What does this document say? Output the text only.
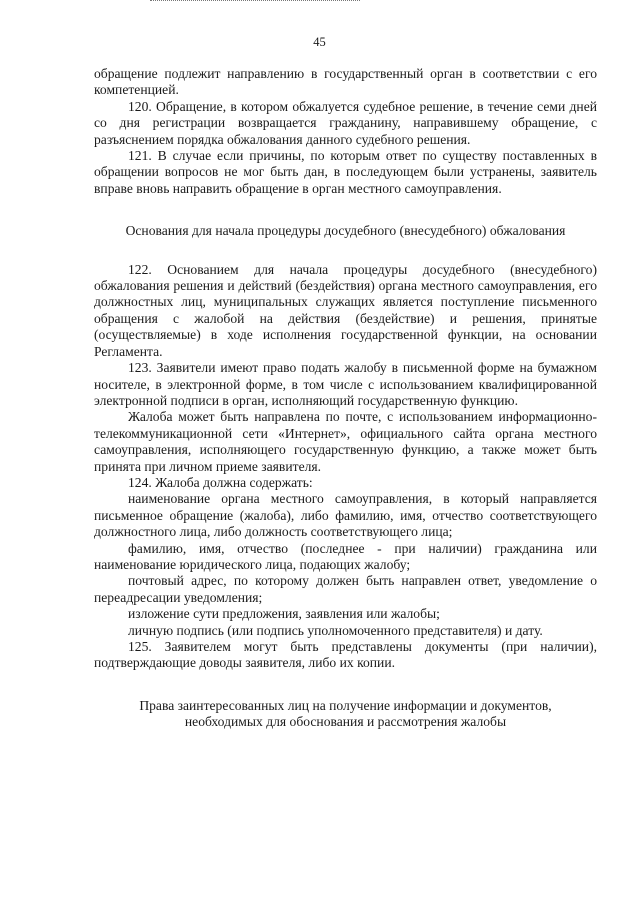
45

обращение подлежит направлению в государственный орган в соответствии с его компетенцией.

120. Обращение, в котором обжалуется судебное решение, в течение семи дней со дня регистрации возвращается гражданину, направившему обращение, с разъяснением порядка обжалования данного судебного решения.

121. В случае если причины, по которым ответ по существу поставленных в обращении вопросов не мог быть дан, в последующем были устранены, заявитель вправе вновь направить обращение в орган местного самоуправления.

Основания для начала процедуры досудебного (внесудебного) обжалования

122. Основанием для начала процедуры досудебного (внесудебного) обжалования решения и действий (бездействия) органа местного самоуправления, его должностных лиц, муниципальных служащих является поступление письменного обращения с жалобой на действия (бездействие) и решения, принятые (осуществляемые) в ходе исполнения государственной функции, на основании Регламента.

123. Заявители имеют право подать жалобу в письменной форме на бумажном носителе, в электронной форме, в том числе с использованием квалифицированной электронной подписи в орган, исполняющий государственную функцию.

Жалоба может быть направлена по почте, с использованием информационно-телекоммуникационной сети «Интернет», официального сайта органа местного самоуправления, исполняющего государственную функцию, а также может быть принята при личном приеме заявителя.

124. Жалоба должна содержать:

наименование органа местного самоуправления, в который направляется письменное обращение (жалоба), либо фамилию, имя, отчество соответствующего должностного лица, либо должность соответствующего лица;

фамилию, имя, отчество (последнее - при наличии) гражданина или наименование юридического лица, подающих жалобу;

почтовый адрес, по которому должен быть направлен ответ, уведомление о переадресации уведомления;

изложение сути предложения, заявления или жалобы;

личную подпись (или подпись уполномоченного представителя) и дату.

125. Заявителем могут быть представлены документы (при наличии), подтверждающие доводы заявителя, либо их копии.

Права заинтересованных лиц на получение информации и документов,

необходимых для обоснования и рассмотрения жалобы
